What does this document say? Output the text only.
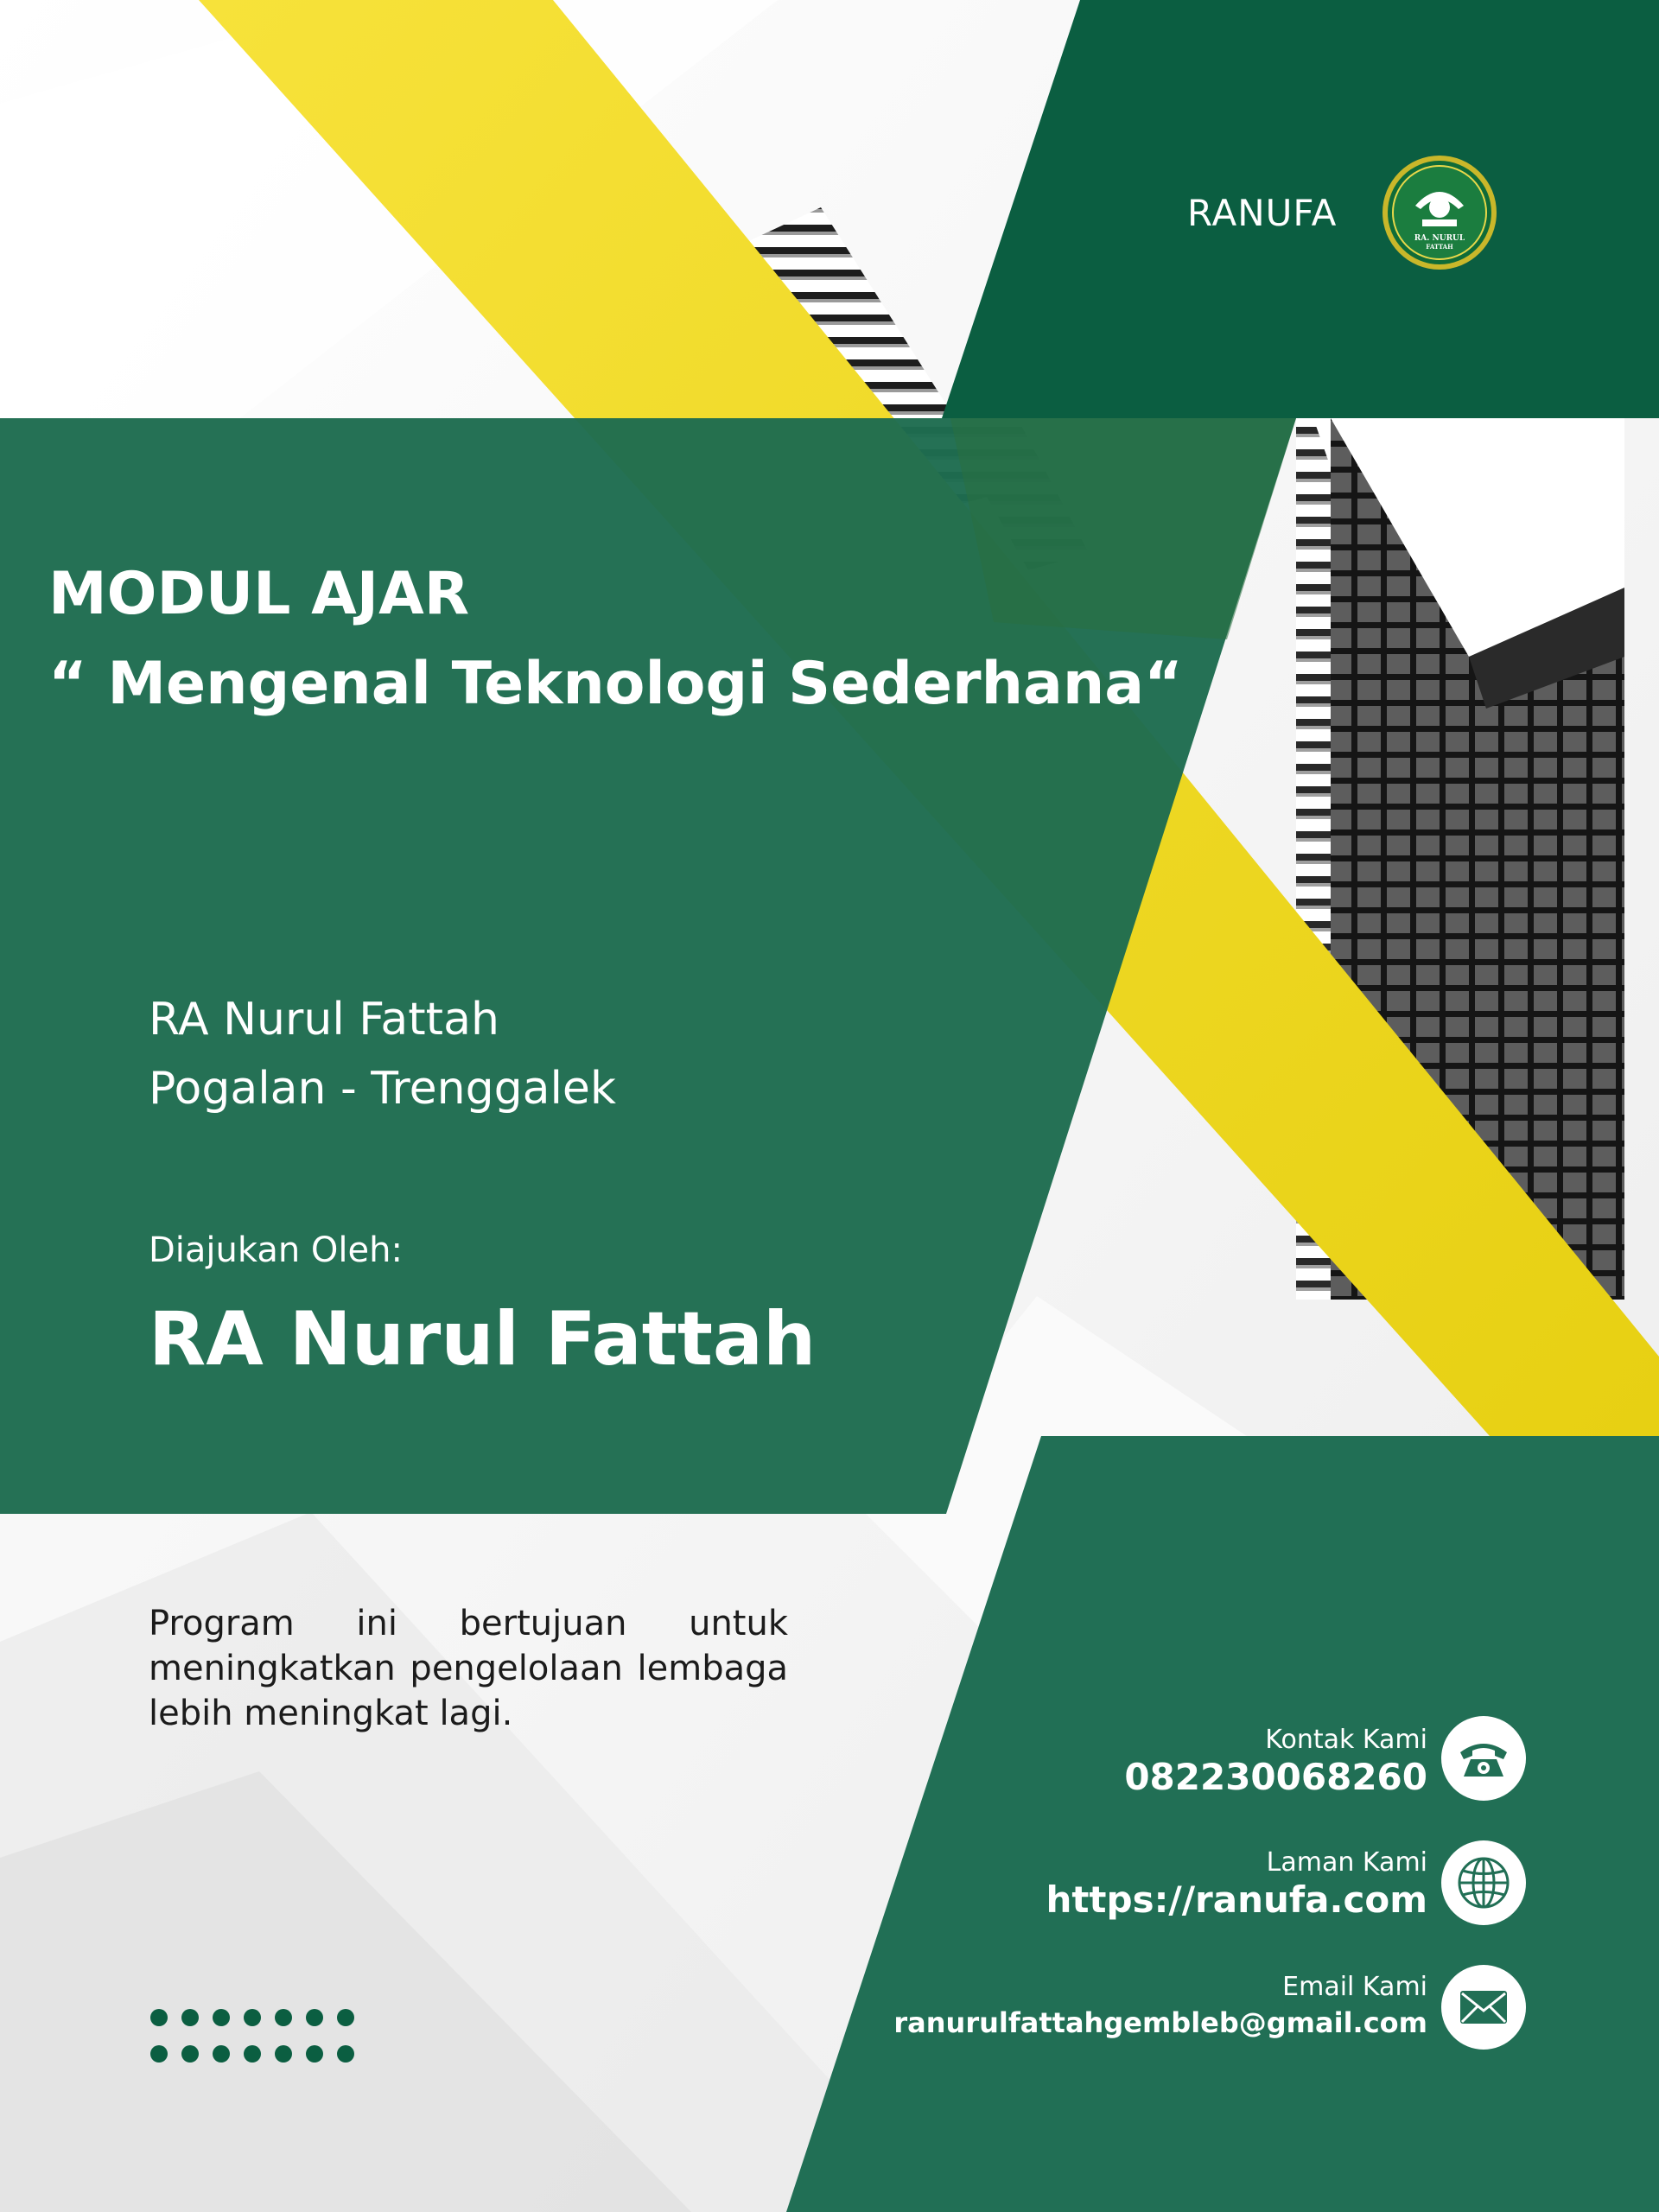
RANUFA
RA. NURUL
FATTAH
MODUL AJAR
“ Mengenal Teknologi Sederhana“
RA Nurul Fattah
Pogalan - Trenggalek
Diajukan Oleh:
RA Nurul Fattah
Program ini bertujuan untuk meningkatkan pengelolaan lembaga lebih meningkat lagi.
Kontak Kami
082230068260
Laman Kami
https://ranufa.com
Email Kami
ranurulfattahgembleb@gmail.com
